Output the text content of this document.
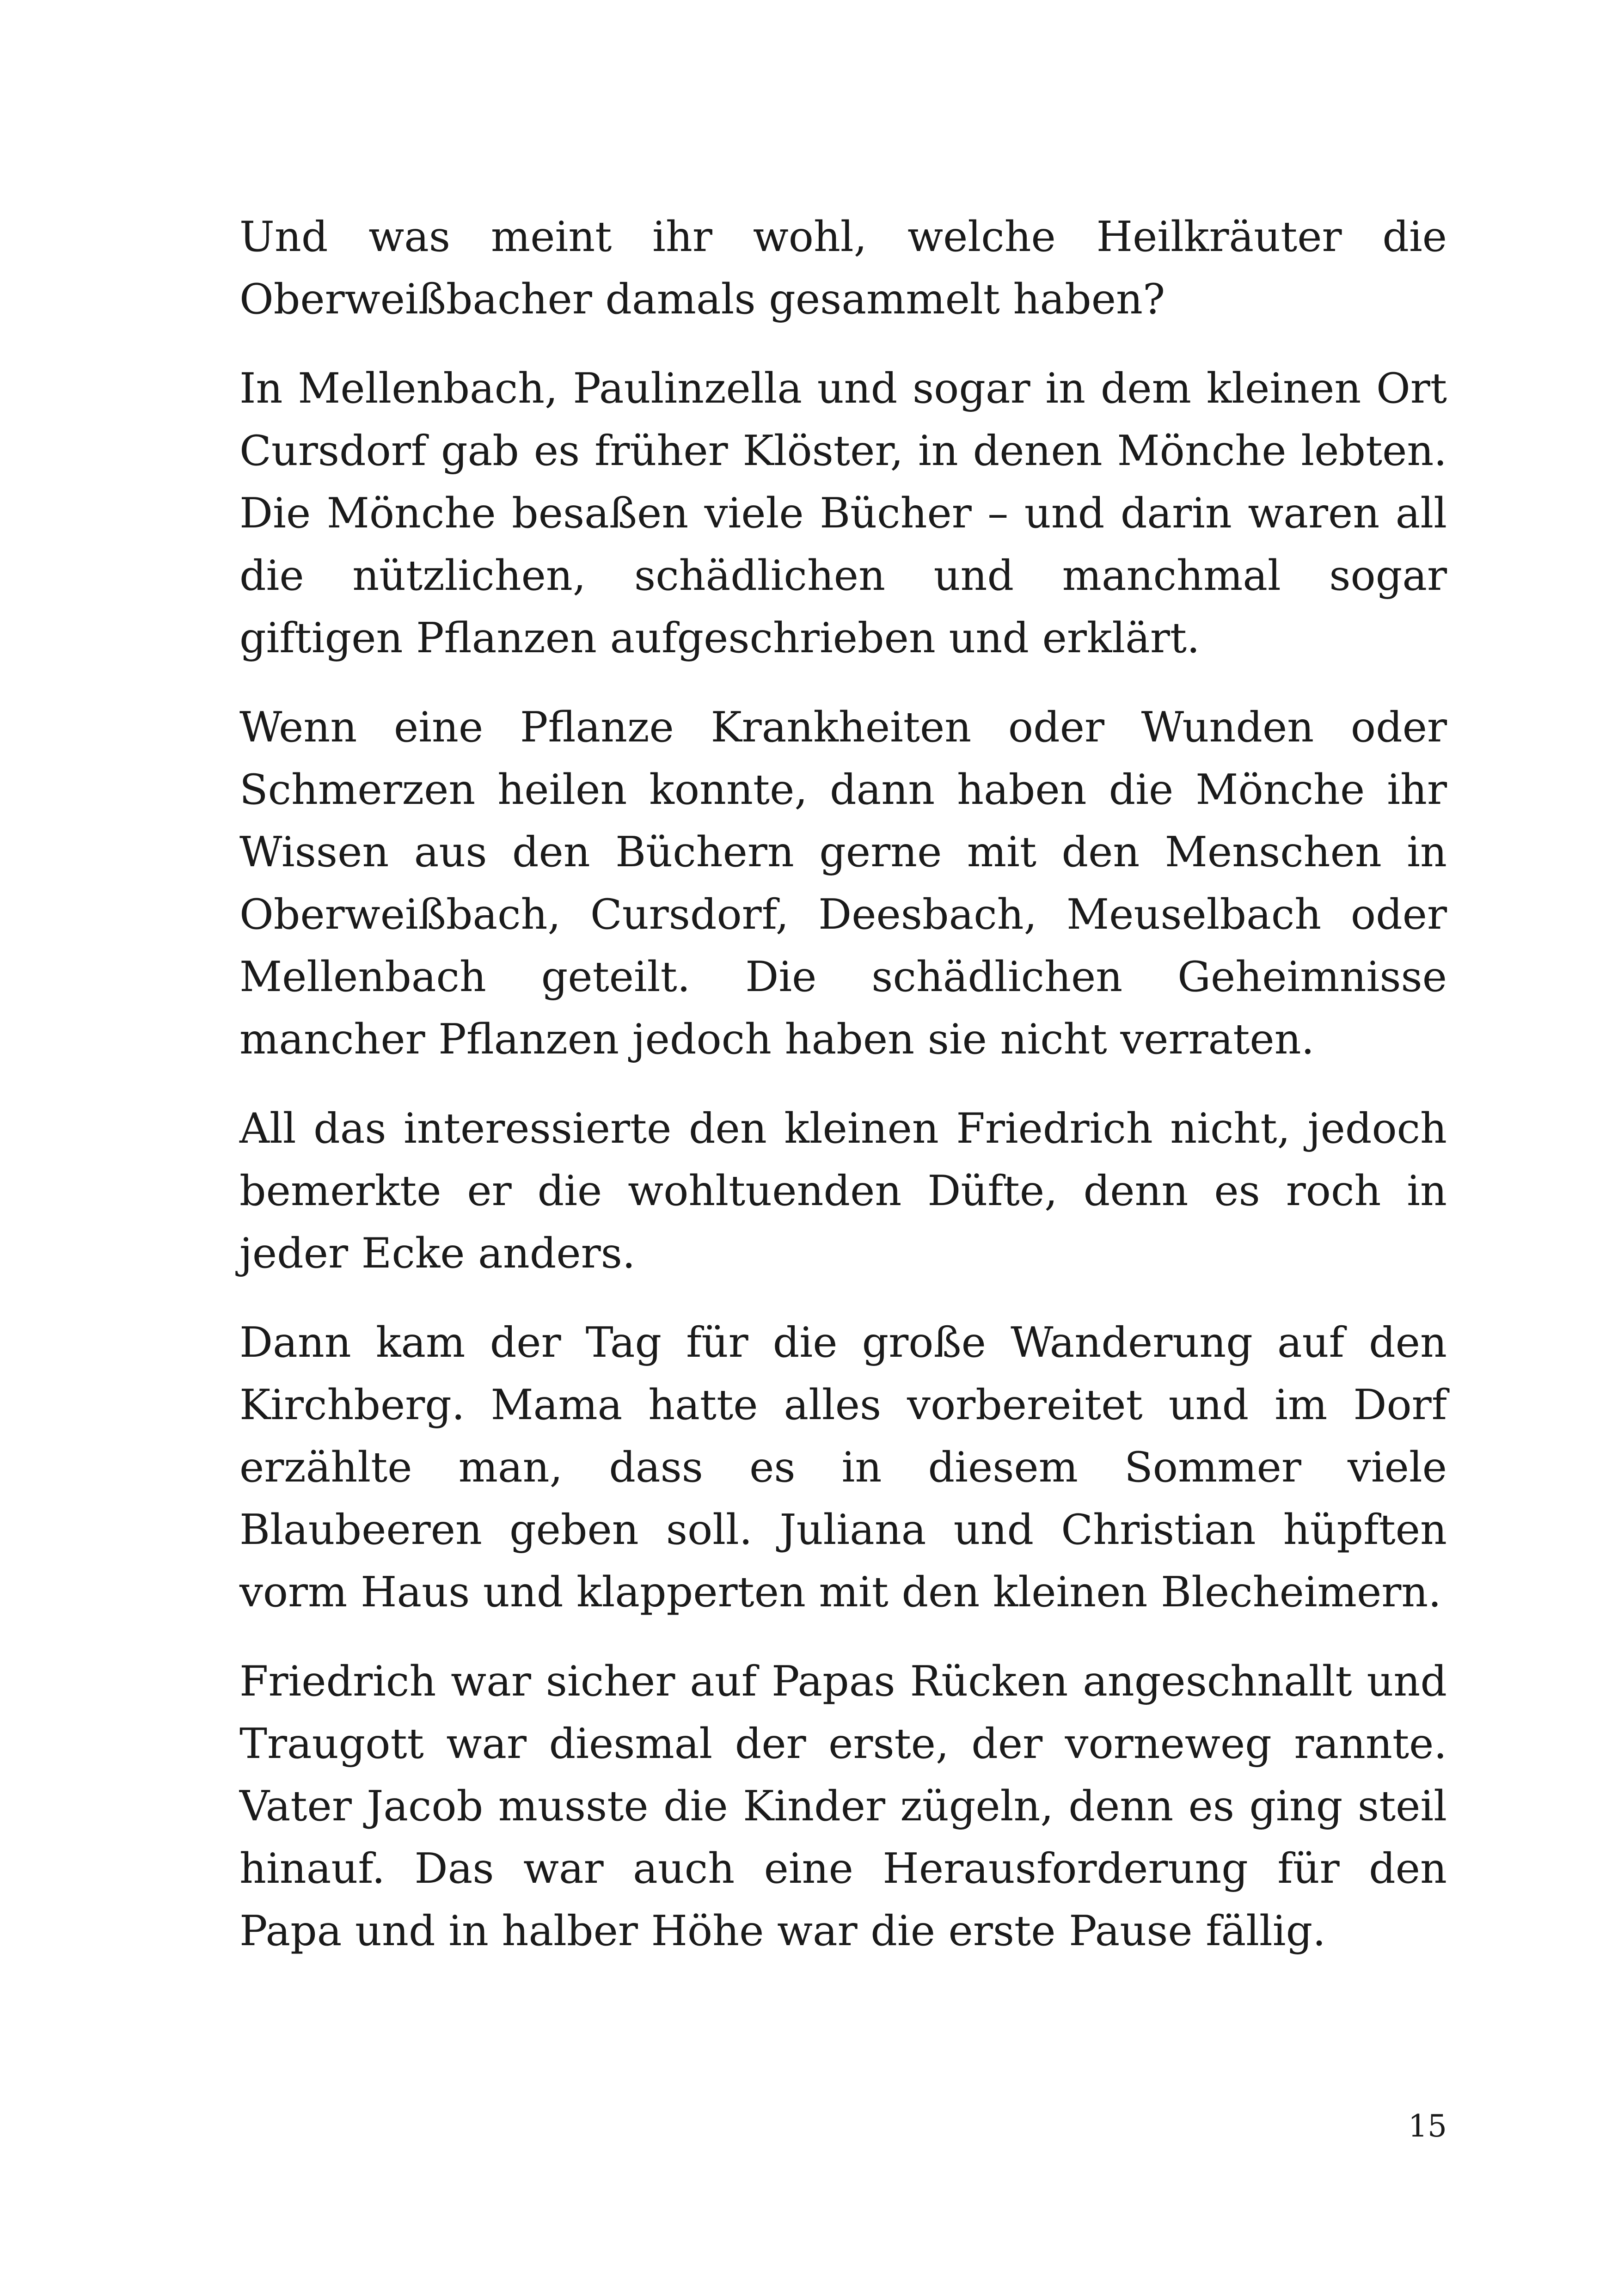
Und was meint ihr wohl, welche Heilkräuter die Oberweißbacher damals gesammelt haben?

In Mellenbach, Paulinzella und sogar in dem kleinen Ort Cursdorf gab es früher Klöster, in denen Mönche lebten. Die Mönche besaßen viele Bücher – und darin waren all die nützlichen, schädlichen und manchmal sogar giftigen Pflanzen aufgeschrieben und erklärt.

Wenn eine Pflanze Krankheiten oder Wunden oder Schmerzen heilen konnte, dann haben die Mönche ihr Wissen aus den Büchern gerne mit den Menschen in Oberweißbach, Cursdorf, Deesbach, Meuselbach oder Mellenbach geteilt. Die schädlichen Geheimnisse mancher Pflanzen jedoch haben sie nicht verraten.

All das interessierte den kleinen Friedrich nicht, jedoch bemerkte er die wohltuenden Düfte, denn es roch in jeder Ecke anders.

Dann kam der Tag für die große Wanderung auf den Kirchberg. Mama hatte alles vorbereitet und im Dorf erzählte man, dass es in diesem Sommer viele Blaubeeren geben soll. Juliana und Christian hüpften vorm Haus und klapperten mit den kleinen Blecheimern.

Friedrich war sicher auf Papas Rücken angeschnallt und Traugott war diesmal der erste, der vorneweg rannte. Vater Jacob musste die Kinder zügeln, denn es ging steil hinauf. Das war auch eine Herausforderung für den Papa und in halber Höhe war die erste Pause fällig.

15
